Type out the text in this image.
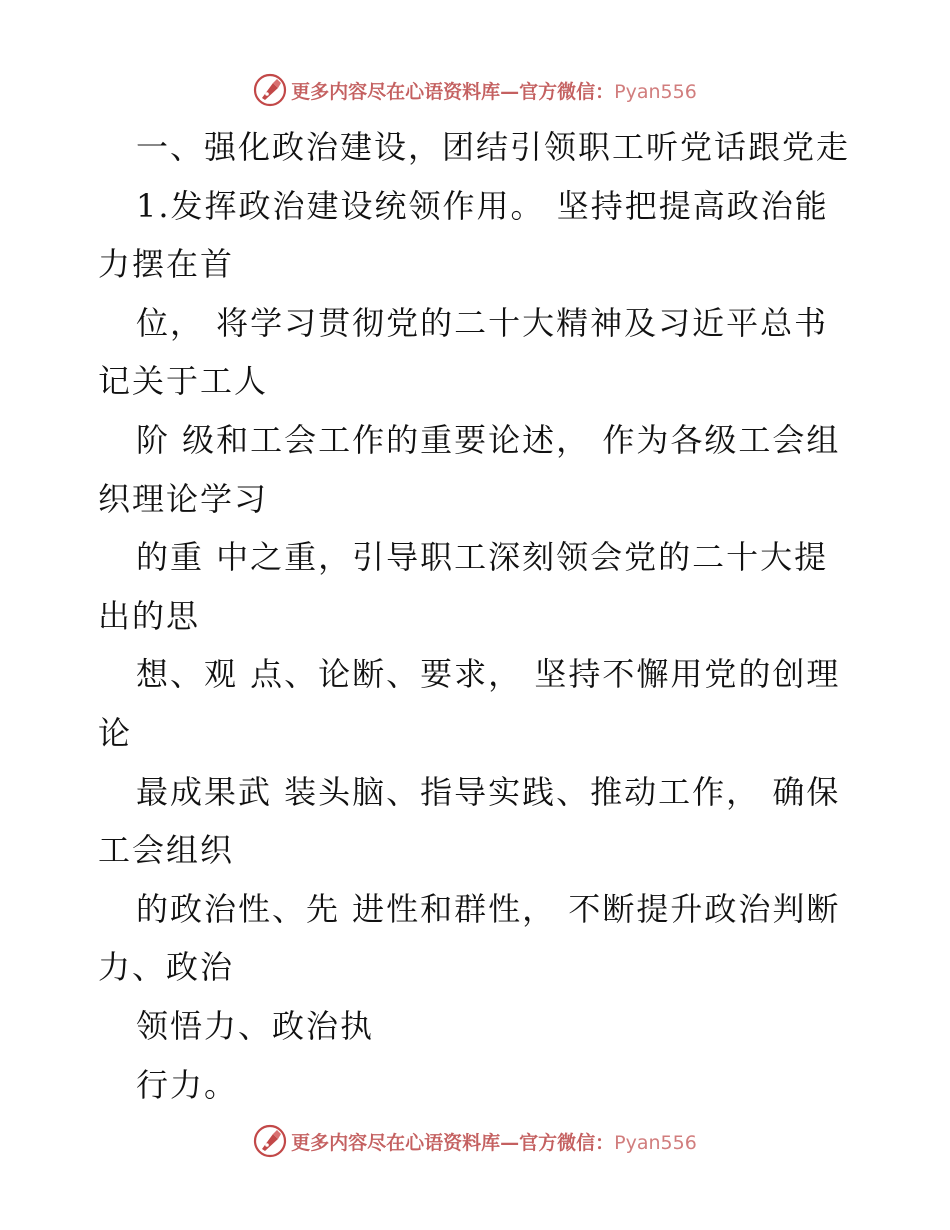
更多内容尽在心语资料库—官方微信：Pyan556
一、强化政治建设，团结引领职工听党话跟党走
1.发挥政治建设统领作用。 坚持把提高政治能
力摆在首
位， 将学习贯彻党的二十大精神及习近平总书
记关于工人
阶 级和工会工作的重要论述， 作为各级工会组
织理论学习
的重 中之重，引导职工深刻领会党的二十大提
出的思
想、观 点、论断、要求， 坚持不懈用党的创理
论
最成果武 装头脑、指导实践、推动工作， 确保
工会组织
的政治性、先 进性和群性， 不断提升政治判断
力、政治
领悟力、政治执
行力。
更多内容尽在心语资料库—官方微信：Pyan556
